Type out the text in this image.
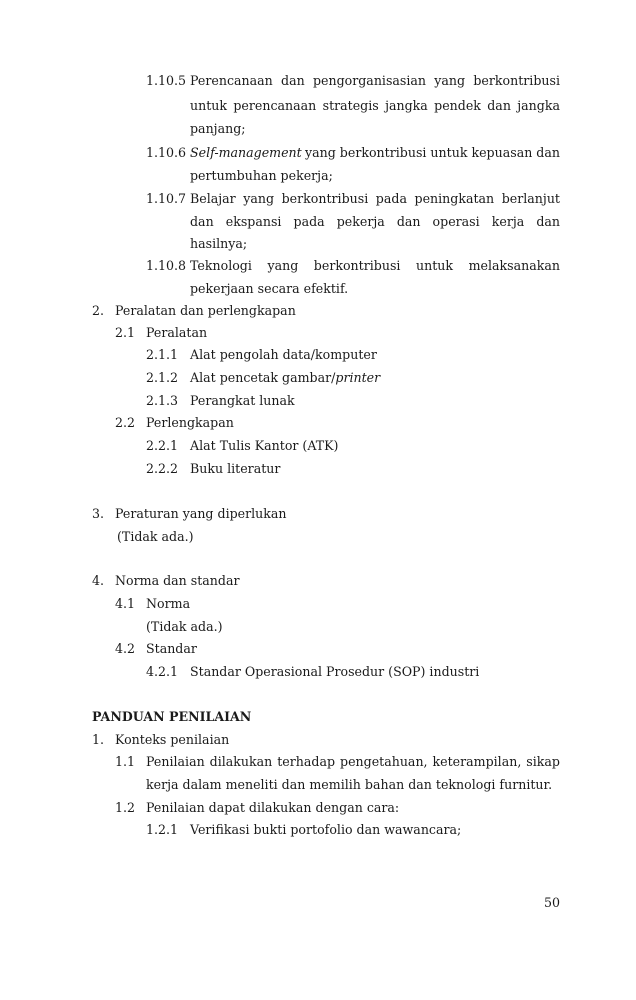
1.10.5 Perencanaan dan pengorganisasian yang berkontribusi
untuk perencanaan strategis jangka pendek dan jangka
panjang;
1.10.6 Self-management yang berkontribusi untuk kepuasan dan
pertumbuhan pekerja;
1.10.7 Belajar yang berkontribusi pada peningkatan berlanjut
dan ekspansi pada pekerja dan operasi kerja dan
hasilnya;
1.10.8 Teknologi yang berkontribusi untuk melaksanakan
pekerjaan secara efektif.
2. Peralatan dan perlengkapan
2.1 Peralatan
2.1.1 Alat pengolah data/komputer
2.1.2 Alat pencetak gambar/printer
2.1.3 Perangkat lunak
2.2 Perlengkapan
2.2.1 Alat Tulis Kantor (ATK)
2.2.2 Buku literatur
3. Peraturan yang diperlukan
(Tidak ada.)
4. Norma dan standar
4.1 Norma
(Tidak ada.)
4.2 Standar
4.2.1 Standar Operasional Prosedur (SOP) industri
PANDUAN PENILAIAN
1. Konteks penilaian
1.1 Penilaian dilakukan terhadap pengetahuan, keterampilan, sikap
kerja dalam meneliti dan memilih bahan dan teknologi furnitur.
1.2 Penilaian dapat dilakukan dengan cara:
1.2.1 Verifikasi bukti portofolio dan wawancara;
50
